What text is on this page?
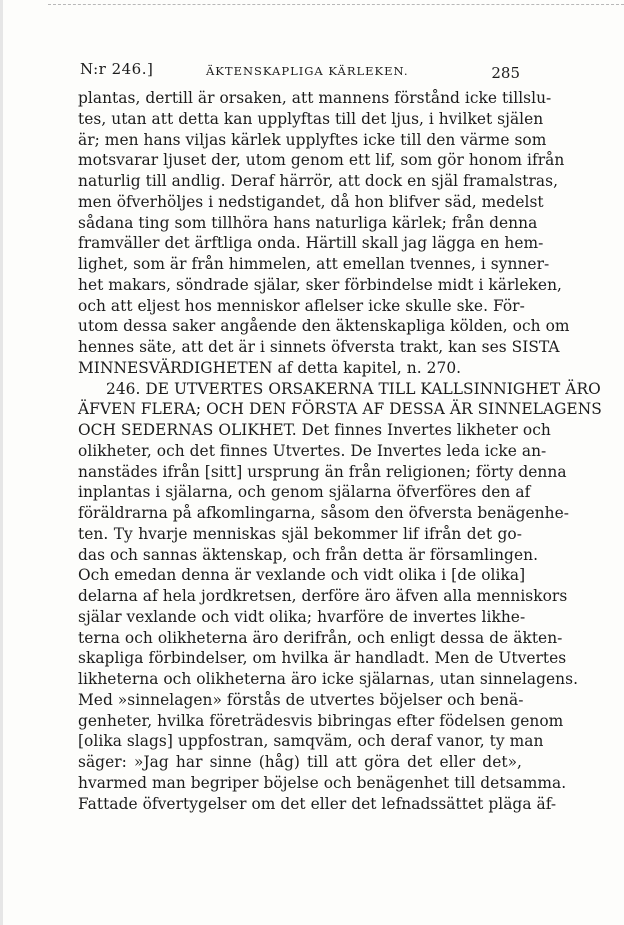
N:r 246.]	ÄKTENSKAPLIGA KÄRLEKEN.	285
plantas, dertill är orsaken, att mannens förstånd icke tillslu-
tes, utan att detta kan upplyftas till det ljus, i hvilket själen
är; men hans viljas kärlek upplyftes icke till den värme som
motsvarar ljuset der, utom genom ett lif, som gör honom ifrån
naturlig till andlig. Deraf härrör, att dock en själ framalstras,
men öfverhöljes i nedstigandet, då hon blifver säd, medelst
sådana ting som tillhöra hans naturliga kärlek; från denna
framväller det ärftliga onda. Härtill skall jag lägga en hem-
lighet, som är från himmelen, att emellan tvennes, i synner-
het makars, söndrade själar, sker förbindelse midt i kärleken,
och att eljest hos menniskor aflelser icke skulle ske. För-
utom dessa saker angående den äktenskapliga kölden, och om
hennes säte, att det är i sinnets öfversta trakt, kan ses SISTA
MINNESVÄRDIGHETEN af detta kapitel, n. 270.
246. DE UTVERTES ORSAKERNA TILL KALLSINNIGHET ÄRO
ÄFVEN FLERA; OCH DEN FÖRSTA AF DESSA ÄR SINNELAGENS
OCH SEDERNAS OLIKHET. Det finnes Invertes likheter och
olikheter, och det finnes Utvertes. De Invertes leda icke an-
nanstädes ifrån [sitt] ursprung än från religionen; förty denna
inplantas i själarna, och genom själarna öfverföres den af
föräldrarna på afkomlingarna, såsom den öfversta benägenhe-
ten. Ty hvarje menniskas själ bekommer lif ifrån det go-
das och sannas äktenskap, och från detta är församlingen.
Och emedan denna är vexlande och vidt olika i [de olika]
delarna af hela jordkretsen, derföre äro äfven alla menniskors
själar vexlande och vidt olika; hvarföre de invertes likhe-
terna och olikheterna äro derifrån, och enligt dessa de äkten-
skapliga förbindelser, om hvilka är handladt. Men de Utvertes
likheterna och olikheterna äro icke själarnas, utan sinnelagens.
Med »sinnelagen» förstås de utvertes böjelser och benä-
genheter, hvilka företrädesvis bibringas efter födelsen genom
[olika slags] uppfostran, samqväm, och deraf vanor, ty man
säger: »Jag har sinne (håg) till att göra det eller det»,
hvarmed man begriper böjelse och benägenhet till detsamma.
Fattade öfvertygelser om det eller det lefnadssättet pläga äf-
